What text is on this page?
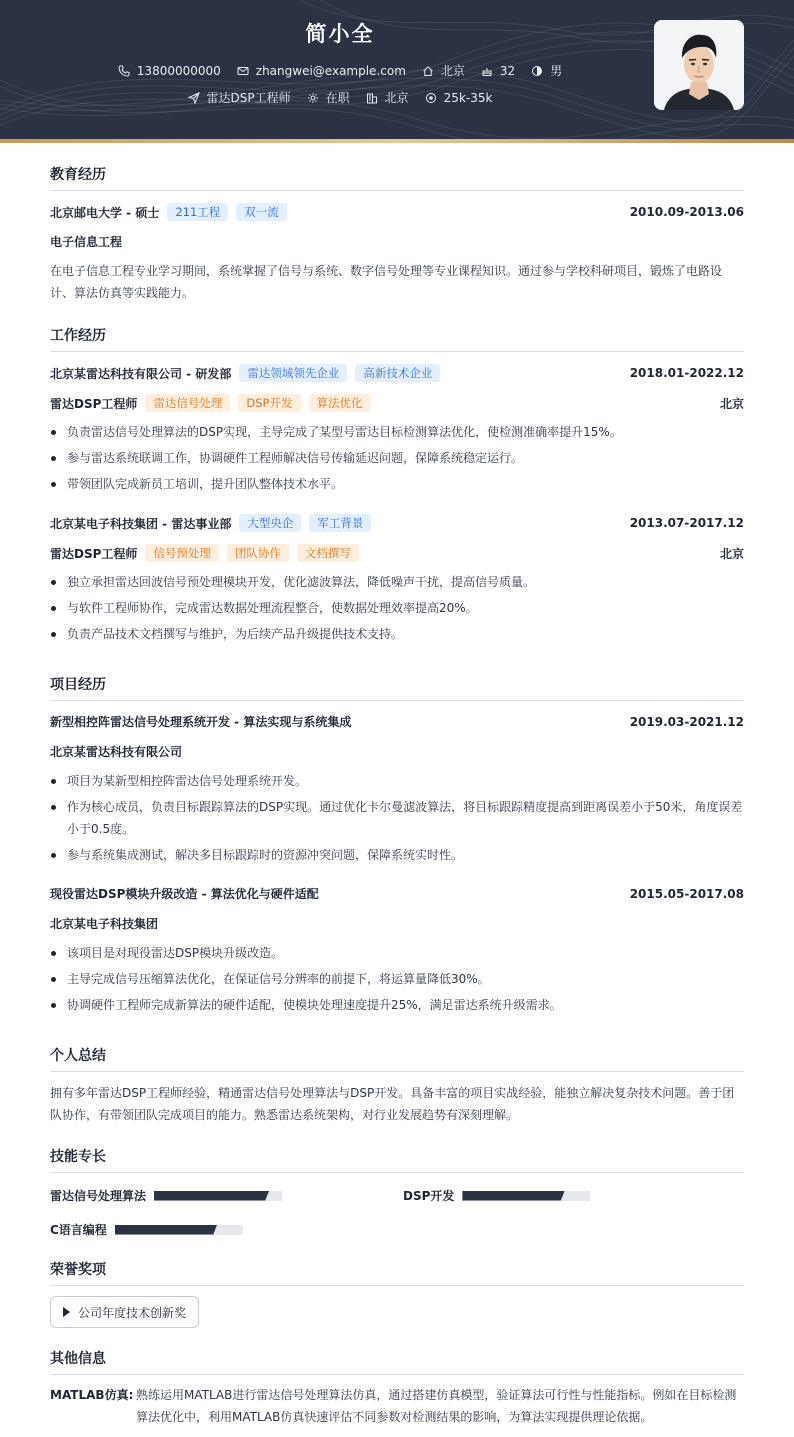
简小全
13800000000	zhangwei@example.com	北京	32	男
雷达DSP工程师	在职	北京	25k-35k
教育经历
北京邮电大学 - 硕士	211工程	双一流	2010.09-2013.06
电子信息工程
在电子信息工程专业学习期间，系统掌握了信号与系统、数字信号处理等专业课程知识。通过参与学校科研项目，锻炼了电路设计、算法仿真等实践能力。
工作经历
北京某雷达科技有限公司 - 研发部	雷达领域领先企业	高新技术企业	2018.01-2022.12
雷达DSP工程师	雷达信号处理	DSP开发	算法优化	北京
负责雷达信号处理算法的DSP实现，主导完成了某型号雷达目标检测算法优化，使检测准确率提升15%。
参与雷达系统联调工作，协调硬件工程师解决信号传输延迟问题，保障系统稳定运行。
带领团队完成新员工培训，提升团队整体技术水平。
北京某电子科技集团 - 雷达事业部	大型央企	军工背景	2013.07-2017.12
雷达DSP工程师	信号预处理	团队协作	文档撰写	北京
独立承担雷达回波信号预处理模块开发，优化滤波算法，降低噪声干扰，提高信号质量。
与软件工程师协作，完成雷达数据处理流程整合，使数据处理效率提高20%。
负责产品技术文档撰写与维护，为后续产品升级提供技术支持。
项目经历
新型相控阵雷达信号处理系统开发 - 算法实现与系统集成	2019.03-2021.12
北京某雷达科技有限公司
项目为某新型相控阵雷达信号处理系统开发。
作为核心成员，负责目标跟踪算法的DSP实现。通过优化卡尔曼滤波算法，将目标跟踪精度提高到距离误差小于50米，角度误差小于0.5度。
参与系统集成测试，解决多目标跟踪时的资源冲突问题，保障系统实时性。
现役雷达DSP模块升级改造 - 算法优化与硬件适配	2015.05-2017.08
北京某电子科技集团
该项目是对现役雷达DSP模块升级改造。
主导完成信号压缩算法优化，在保证信号分辨率的前提下，将运算量降低30%。
协调硬件工程师完成新算法的硬件适配，使模块处理速度提升25%，满足雷达系统升级需求。
个人总结
拥有多年雷达DSP工程师经验，精通雷达信号处理算法与DSP开发。具备丰富的项目实战经验，能独立解决复杂技术问题。善于团队协作，有带领团队完成项目的能力。熟悉雷达系统架构，对行业发展趋势有深刻理解。
技能专长
雷达信号处理算法	DSP开发
C语言编程
荣誉奖项
公司年度技术创新奖
其他信息
MATLAB仿真: 熟练运用MATLAB进行雷达信号处理算法仿真，通过搭建仿真模型，验证算法可行性与性能指标。例如在目标检测算法优化中，利用MATLAB仿真快速评估不同参数对检测结果的影响，为算法实现提供理论依据。
